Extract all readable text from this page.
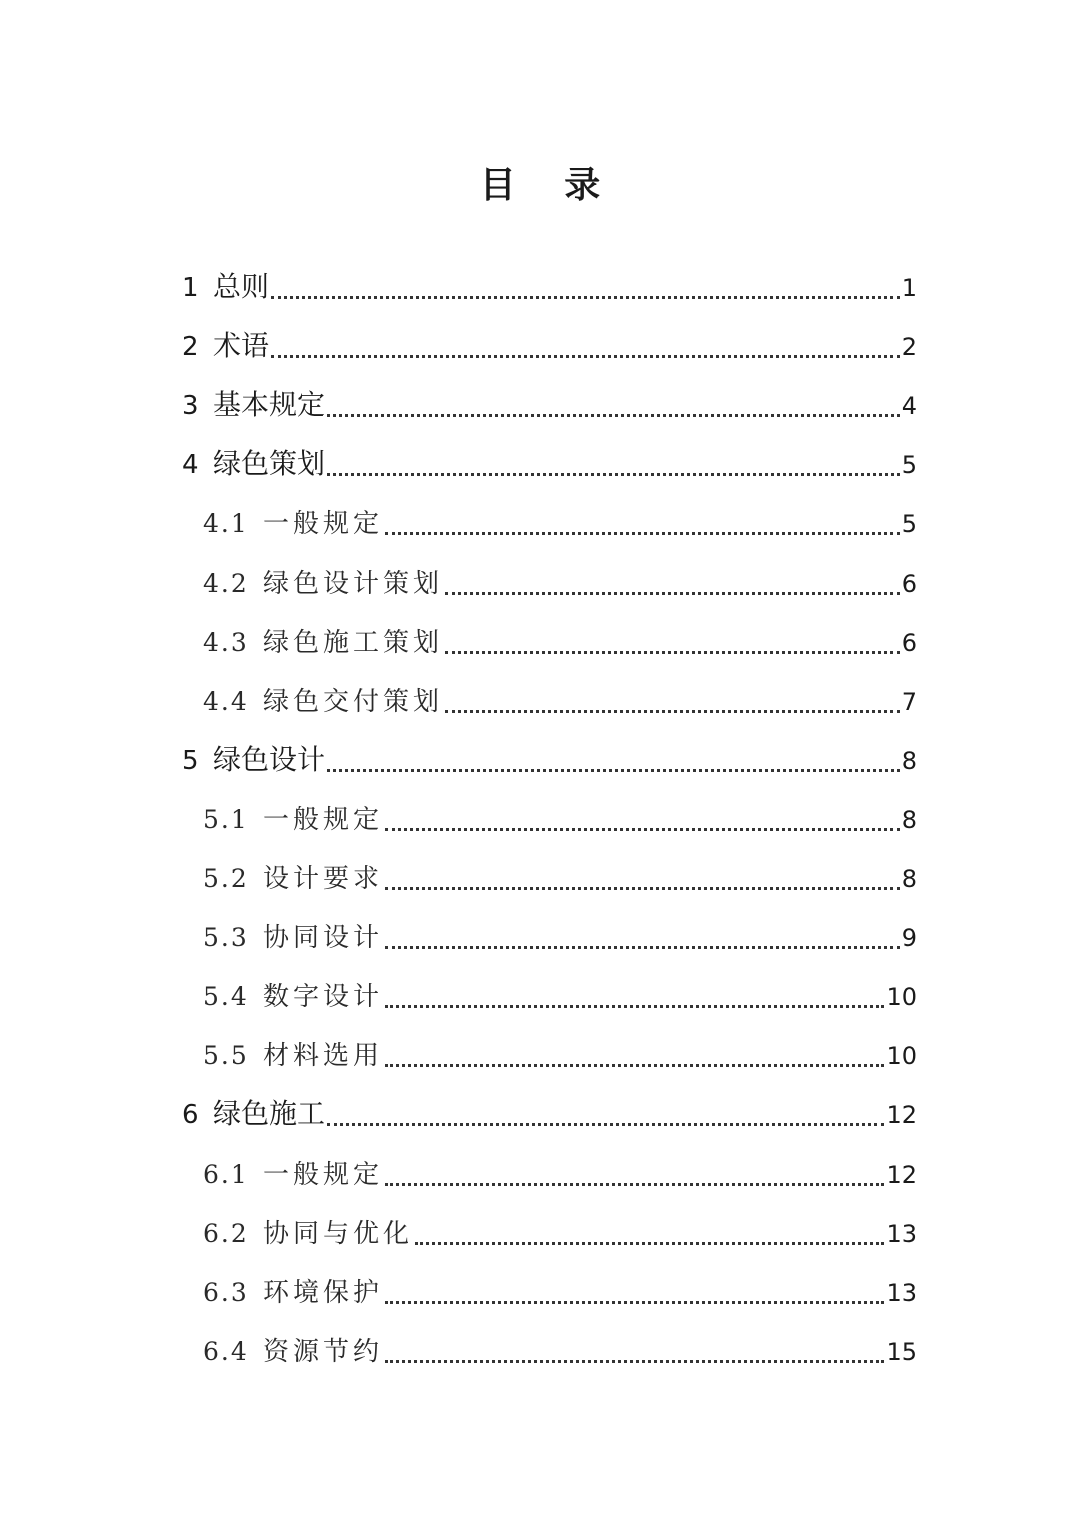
目 录
1 总则	1
2 术语	2
3 基本规定	4
4 绿色策划	5
4.1 一般规定	5
4.2 绿色设计策划	6
4.3 绿色施工策划	6
4.4 绿色交付策划	7
5 绿色设计	8
5.1 一般规定	8
5.2 设计要求	8
5.3 协同设计	9
5.4 数字设计	10
5.5 材料选用	10
6 绿色施工	12
6.1 一般规定	12
6.2 协同与优化	13
6.3 环境保护	13
6.4 资源节约	15
